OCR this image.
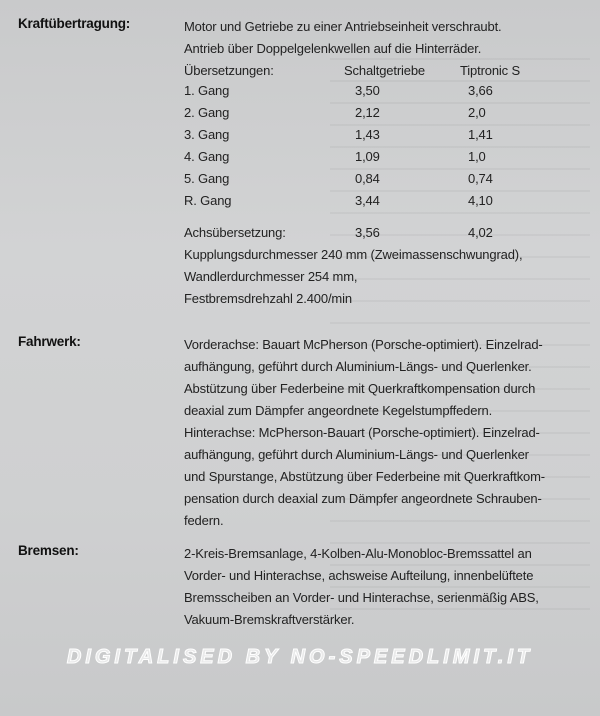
Kraftübertragung:	Motor und Getriebe zu einer Antriebseinheit verschraubt.
Antrieb über Doppelgelenkwellen auf die Hinterräder.
Übersetzungen:	Schaltgetriebe	Tiptronic S
1. Gang	3,50	3,66
2. Gang	2,12	2,0
3. Gang	1,43	1,41
4. Gang	1,09	1,0
5. Gang	0,84	0,74
R. Gang	3,44	4,10
Achsübersetzung:	3,56	4,02
Kupplungsdurchmesser 240 mm (Zweimassenschwungrad),
Wandlerdurchmesser 254 mm,
Festbremsdrehzahl 2.400/min
Fahrwerk:	Vorderachse: Bauart McPherson (Porsche-optimiert). Einzelrad-
aufhängung, geführt durch Aluminium-Längs- und Querlenker.
Abstützung über Federbeine mit Querkraftkompensation durch
deaxial zum Dämpfer angeordnete Kegelstumpffedern.
Hinterachse: McPherson-Bauart (Porsche-optimiert). Einzelrad-
aufhängung, geführt durch Aluminium-Längs- und Querlenker
und Spurstange, Abstützung über Federbeine mit Querkraftkom-
pensation durch deaxial zum Dämpfer angeordnete Schrauben-
federn.
Bremsen:	2-Kreis-Bremsanlage, 4-Kolben-Alu-Monobloc-Bremssattel an
Vorder- und Hinterachse, achsweise Aufteilung, innenbelüftete
Bremsscheiben an Vorder- und Hinterachse, serienmäßig ABS,
Vakuum-Bremskraftverstärker.
DIGITALISED BY NO-SPEEDLIMIT.IT
